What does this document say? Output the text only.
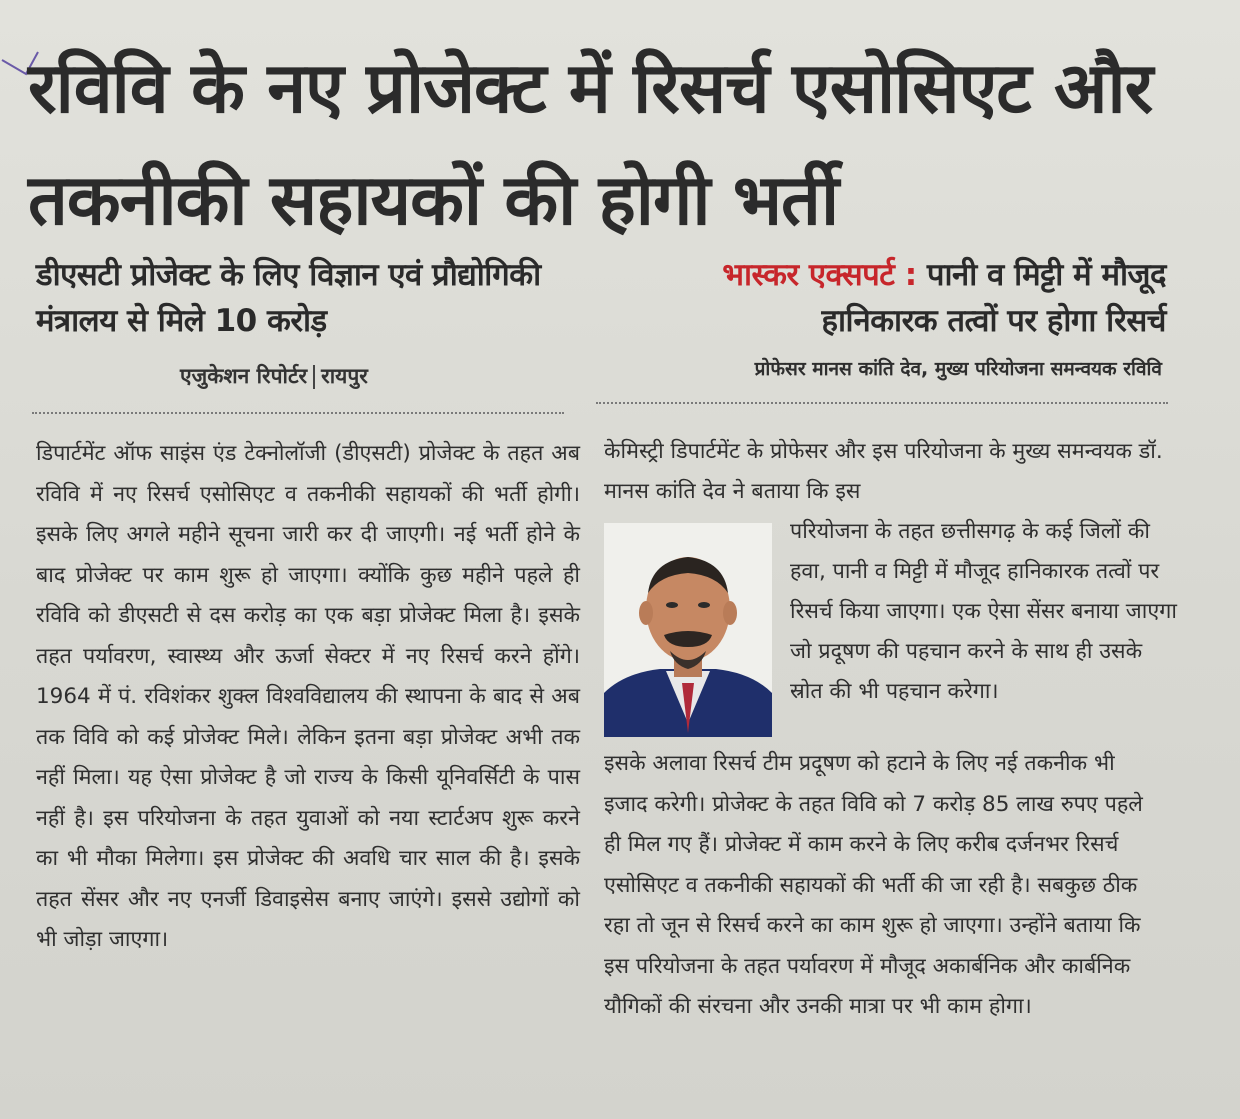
रविवि के नए प्रोजेक्ट में रिसर्च एसोसिएट और तकनीकी सहायकों की होगी भर्ती
डीएसटी प्रोजेक्ट के लिए विज्ञान एवं प्रौद्योगिकी मंत्रालय से मिले 10 करोड़
एजुकेशन रिपोर्टर रायपुर
भास्कर एक्सपर्ट : पानी व मिट्टी में मौजूद हानिकारक तत्वों पर होगा रिसर्च
प्रोफेसर मानस कांति देव, मुख्य परियोजना समन्वयक रविवि

डिपार्टमेंट ऑफ साइंस एंड टेक्नोलॉजी (डीएसटी) प्रोजेक्ट के तहत अब रविवि में नए रिसर्च एसोसिएट व तकनीकी सहायकों की भर्ती होगी। इसके लिए अगले महीने सूचना जारी कर दी जाएगी। नई भर्ती होने के बाद प्रोजेक्ट पर काम शुरू हो जाएगा। क्योंकि कुछ महीने पहले ही रविवि को डीएसटी से दस करोड़ का एक बड़ा प्रोजेक्ट मिला है। इसके तहत पर्यावरण, स्वास्थ्य और ऊर्जा सेक्टर में नए रिसर्च करने होंगे। 1964 में पं. रविशंकर शुक्ल विश्वविद्यालय की स्थापना के बाद से अब तक विवि को कई प्रोजेक्ट मिले। लेकिन इतना बड़ा प्रोजेक्ट अभी तक नहीं मिला। यह ऐसा प्रोजेक्ट है जो राज्य के किसी यूनिवर्सिटी के पास नहीं है। इस परियोजना के तहत युवाओं को नया स्टार्टअप शुरू करने का भी मौका मिलेगा। इस प्रोजेक्ट की अवधि चार साल की है। इसके तहत सेंसर और नए एनर्जी डिवाइसेस बनाए जाएंगे। इससे उद्योगों को भी जोड़ा जाएगा।

केमिस्ट्री डिपार्टमेंट के प्रोफेसर और इस परियोजना के मुख्य समन्वयक डॉ. मानस कांति देव ने बताया कि इस

परियोजना के तहत छत्तीसगढ़ के कई जिलों की हवा, पानी व मिट्टी में मौजूद हानिकारक तत्वों पर रिसर्च किया जाएगा। एक ऐसा सेंसर बनाया जाएगा जो प्रदूषण की पहचान करने के साथ ही उसके स्रोत की भी पहचान करेगा।

इसके अलावा रिसर्च टीम प्रदूषण को हटाने के लिए नई तकनीक भी इजाद करेगी। प्रोजेक्ट के तहत विवि को 7 करोड़ 85 लाख रुपए पहले ही मिल गए हैं। प्रोजेक्ट में काम करने के लिए करीब दर्जनभर रिसर्च एसोसिएट व तकनीकी सहायकों की भर्ती की जा रही है। सबकुछ ठीक रहा तो जून से रिसर्च करने का काम शुरू हो जाएगा। उन्होंने बताया कि इस परियोजना के तहत पर्यावरण में मौजूद अकार्बनिक और कार्बनिक यौगिकों की संरचना और उनकी मात्रा पर भी काम होगा।
